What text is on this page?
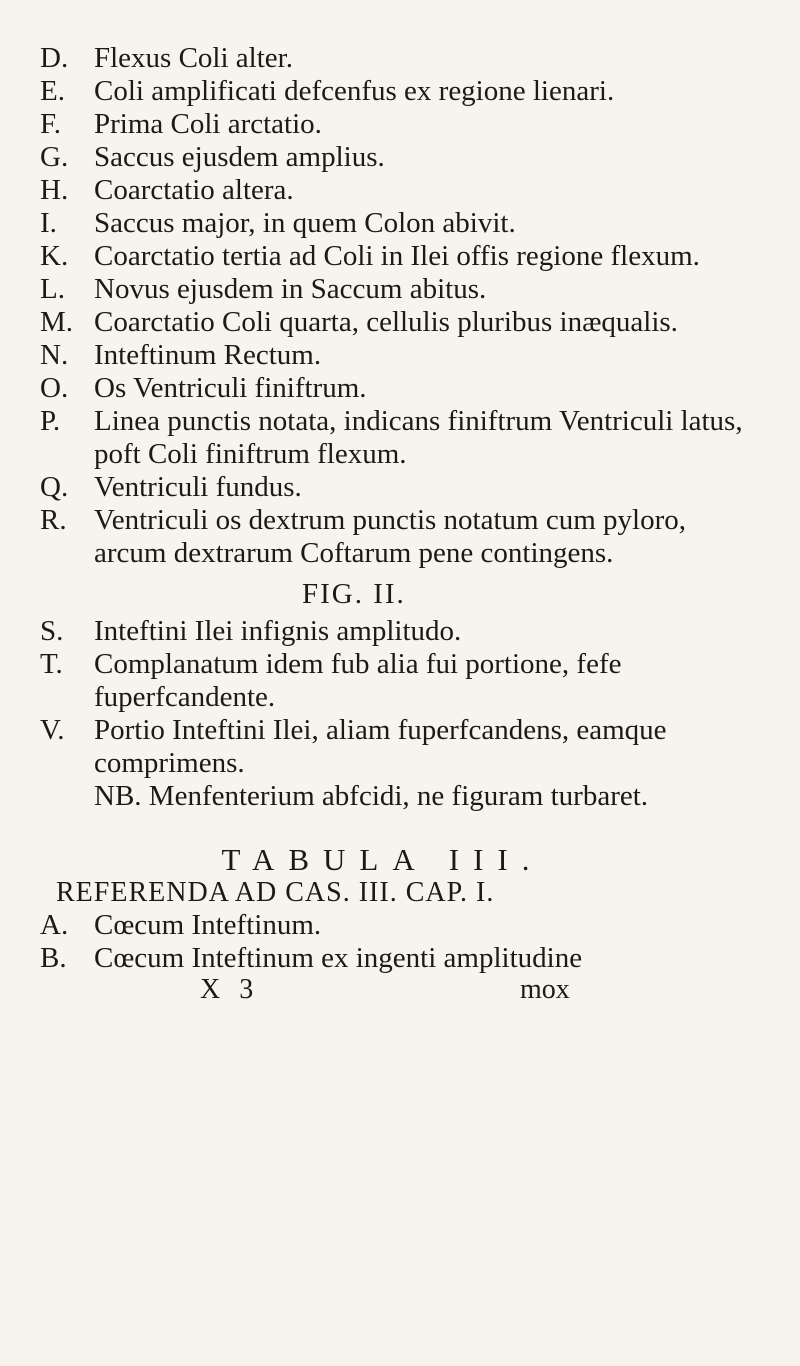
D. Flexus Coli alter.
E.	Coli amplificati defcenfus ex regione lienari.
F.	Prima Coli arctatio.
G. Saccus ejusdem amplius.
H. Coarctatio altera.
I.	Saccus major, in quem Colon abivit.
K. Coarctatio tertia ad Coli in Ilei offis regione flexum.
L.	Novus ejusdem in Saccum abitus.
M. Coarctatio Coli quarta, cellulis pluribus inæqualis.
N. Inteftinum Rectum.
O. Os Ventriculi finiftrum.
P.	Linea punctis notata, indicans finiftrum Ventriculi latus, poft Coli finiftrum flexum.
Q. Ventriculi fundus.
R. Ventriculi os dextrum punctis notatum cum pyloro, arcum dextrarum Coftarum pene contingens.
FIG. II.
S.	Inteftini Ilei infignis amplitudo.
T.	Complanatum idem fub alia fui portione, fefe fuperfcandente.
V.	Portio Inteftini Ilei, aliam fuperfcandens, eamque comprimens.
NB. Menfenterium abfcidi, ne figuram turbaret.
TABULA III.
REFERENDA AD CAS. III. CAP. I.
A. Cœcum Inteftinum.
B. Cœcum Inteftinum ex ingenti amplitudine
X 3	mox
